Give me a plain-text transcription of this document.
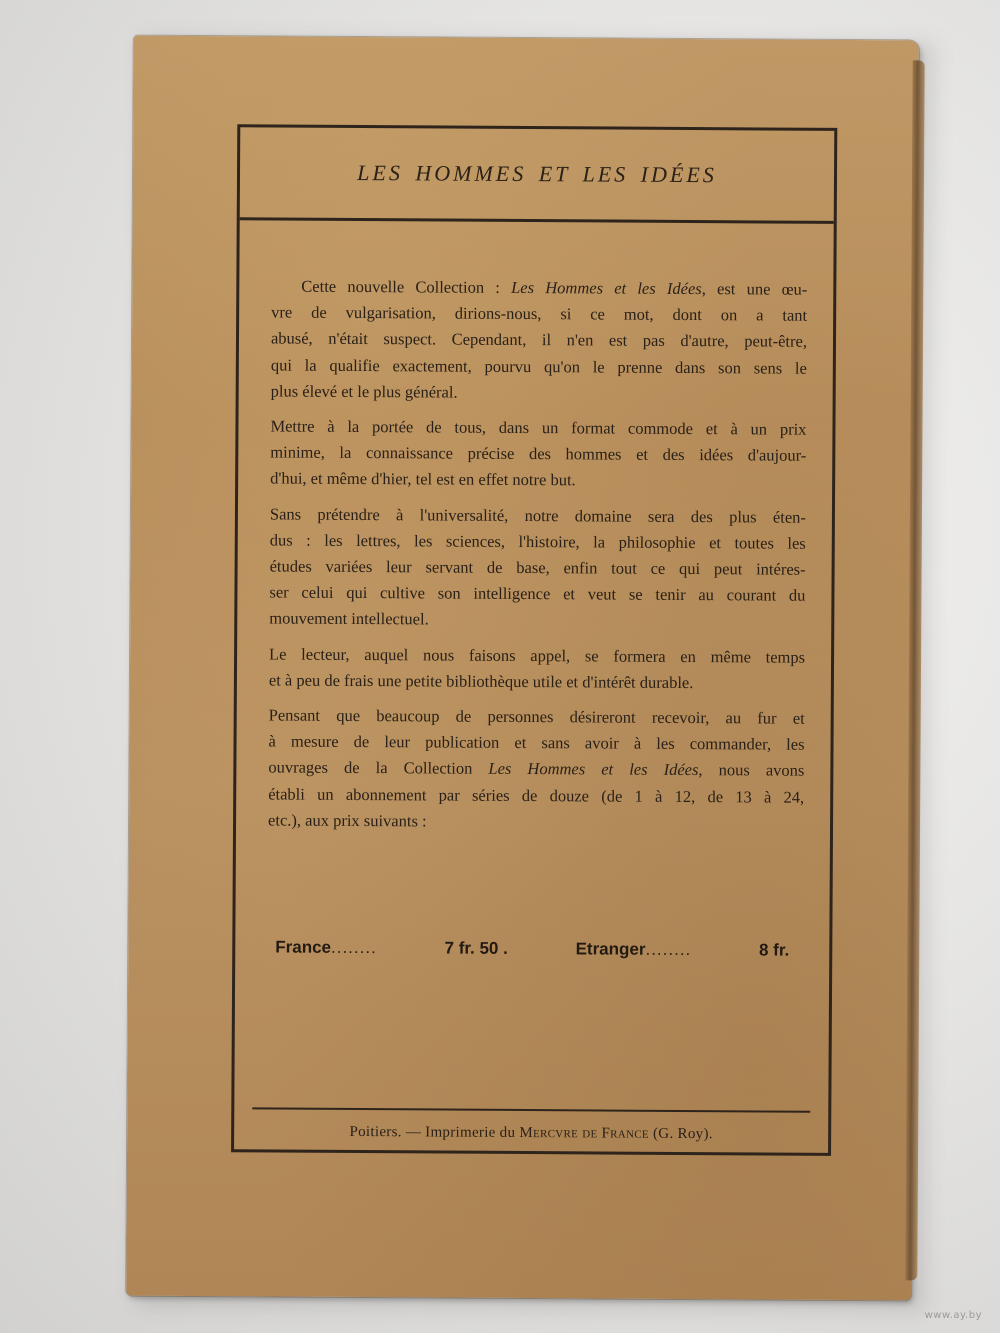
LES HOMMES ET LES IDÉES

Cette nouvelle Collection : Les Hommes et les Idées, est une œu-
vre de vulgarisation, dirions-nous, si ce mot, dont on a tant
abusé, n'était suspect. Cependant, il n'en est pas d'autre, peut-être,
qui la qualifie exactement, pourvu qu'on le prenne dans son sens le
plus élevé et le plus général.

Mettre à la portée de tous, dans un format commode et à un prix
minime, la connaissance précise des hommes et des idées d'aujour-
d'hui, et même d'hier, tel est en effet notre but.

Sans prétendre à l'universalité, notre domaine sera des plus éten-
dus : les lettres, les sciences, l'histoire, la philosophie et toutes les
études variées leur servant de base, enfin tout ce qui peut intéres-
ser celui qui cultive son intelligence et veut se tenir au courant du
mouvement intellectuel.

Le lecteur, auquel nous faisons appel, se formera en même temps
et à peu de frais une petite bibliothèque utile et d'intérêt durable.

Pensant que beaucoup de personnes désireront recevoir, au fur et
à mesure de leur publication et sans avoir à les commander, les
ouvrages de la Collection Les Hommes et les Idées, nous avons
établi un abonnement par séries de douze (de 1 à 12, de 13 à 24,
etc.), aux prix suivants :

France........	7 fr. 50 .	Etranger........	8 fr.
Poitiers. — Imprimerie du Mercvre de France (G. Roy).
www.ay.by
